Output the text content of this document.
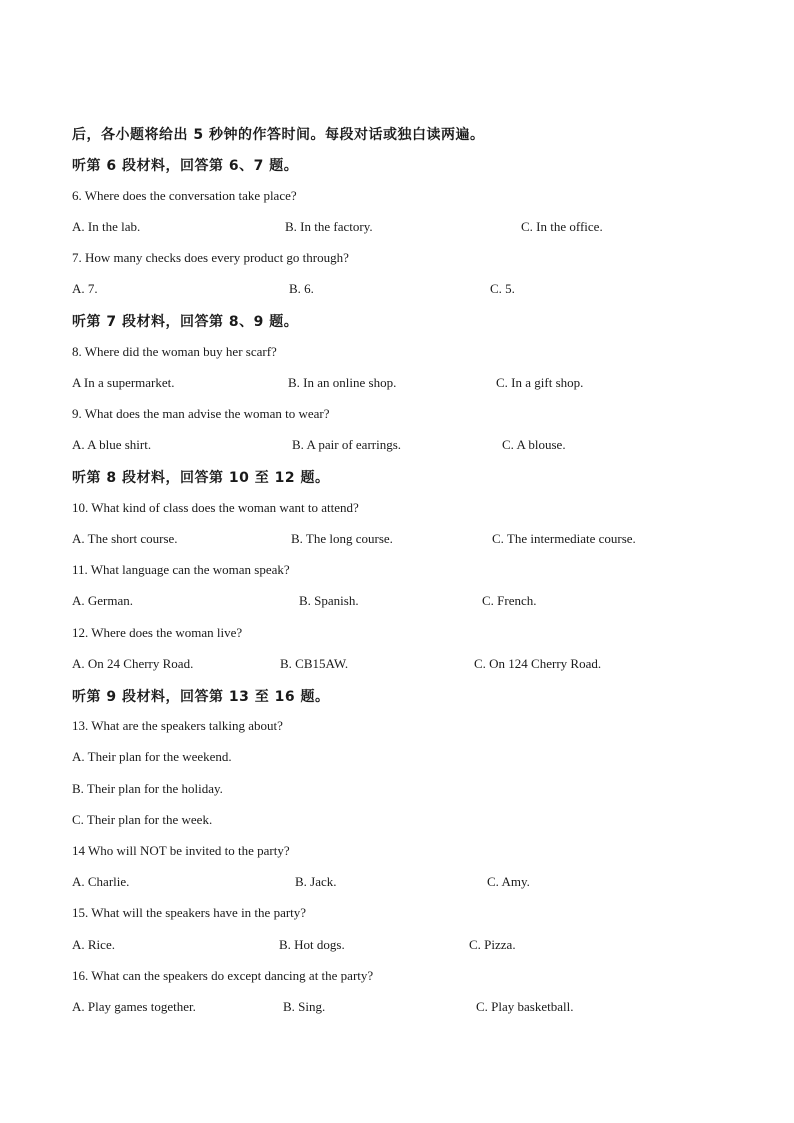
后，各小题将给出 5 秒钟的作答时间。每段对话或独白读两遍。
听第 6 段材料，回答第 6、7 题。
6. Where does the conversation take place?
A. In the lab.	B. In the factory.	C. In the office.
7. How many checks does every product go through?
A. 7.	B. 6.	C. 5.
听第 7 段材料，回答第 8、9 题。
8. Where did the woman buy her scarf?
A In a supermarket.	B. In an online shop.	C. In a gift shop.
9. What does the man advise the woman to wear?
A. A blue shirt.	B. A pair of earrings.	C. A blouse.
听第 8 段材料，回答第 10 至 12 题。
10. What kind of class does the woman want to attend?
A. The short course.	B. The long course.	C. The intermediate course.
11. What language can the woman speak?
A. German.	B. Spanish.	C. French.
12. Where does the woman live?
A. On 24 Cherry Road.	B. CB15AW.	C. On 124 Cherry Road.
听第 9 段材料，回答第 13 至 16 题。
13. What are the speakers talking about?
A. Their plan for the weekend.
B. Their plan for the holiday.
C. Their plan for the week.
14 Who will NOT be invited to the party?
A. Charlie.	B. Jack.	C. Amy.
15. What will the speakers have in the party?
A. Rice.	B. Hot dogs.	C. Pizza.
16. What can the speakers do except dancing at the party?
A. Play games together.	B. Sing.	C. Play basketball.
